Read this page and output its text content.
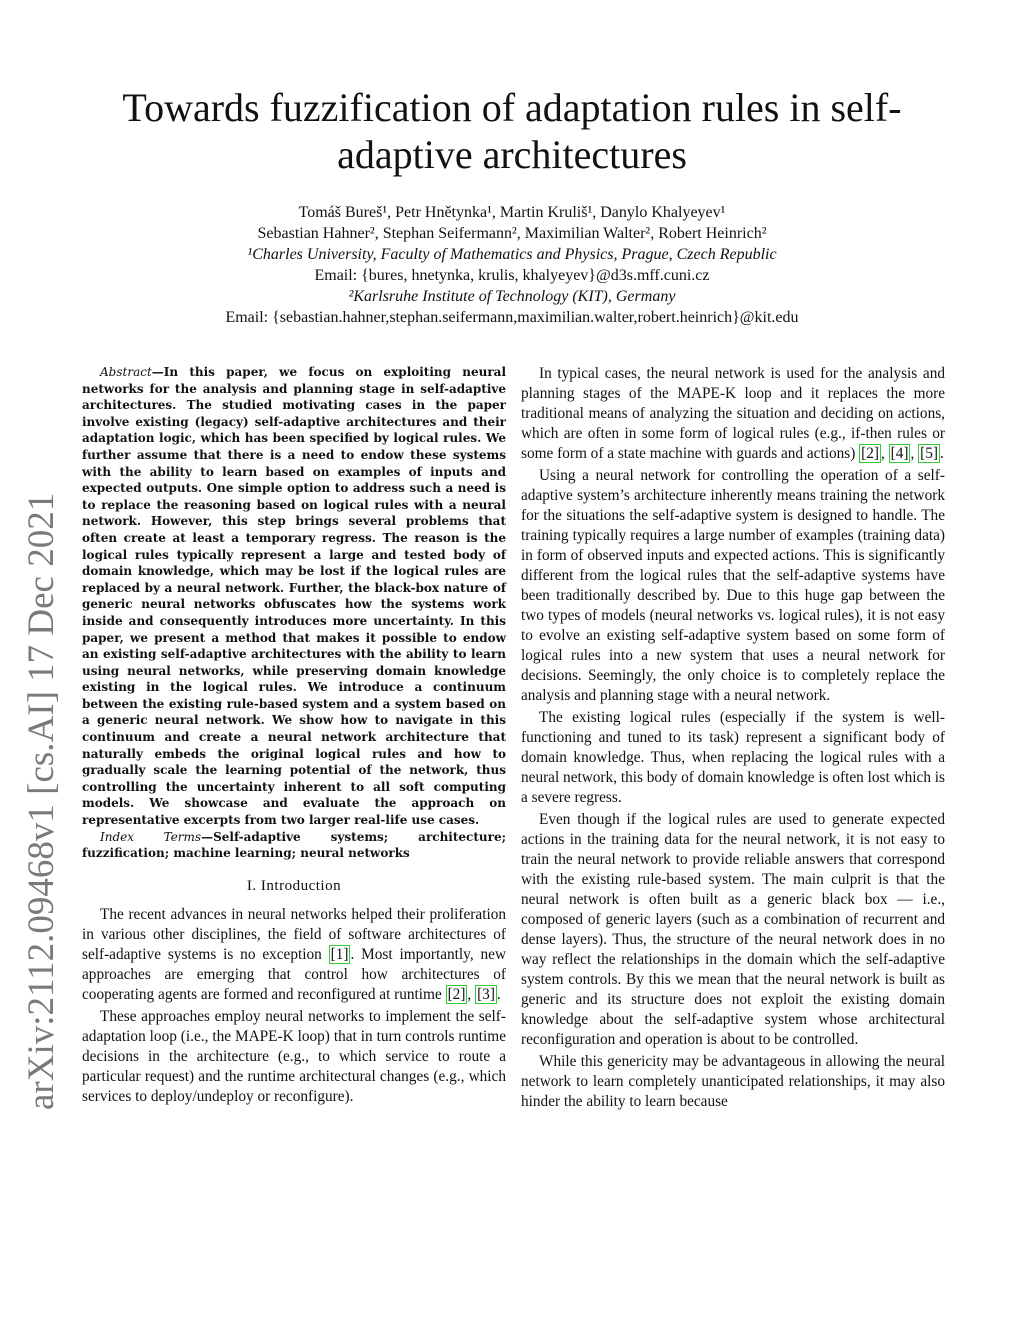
arXiv:2112.09468v1 [cs.AI] 17 Dec 2021
Towards fuzzification of adaptation rules in self-adaptive architectures
Tomáš Bureš¹, Petr Hnětynka¹, Martin Kruliš¹, Danylo Khalyeyev¹
Sebastian Hahner², Stephan Seifermann², Maximilian Walter², Robert Heinrich²
¹Charles University, Faculty of Mathematics and Physics, Prague, Czech Republic
Email: {bures, hnetynka, krulis, khalyeyev}@d3s.mff.cuni.cz
²Karlsruhe Institute of Technology (KIT), Germany
Email: {sebastian.hahner,stephan.seifermann,maximilian.walter,robert.heinrich}@kit.edu

Abstract—In this paper, we focus on exploiting neural networks for the analysis and planning stage in self-adaptive architectures. The studied motivating cases in the paper involve existing (legacy) self-adaptive architectures and their adaptation logic, which has been specified by logical rules. We further assume that there is a need to endow these systems with the ability to learn based on examples of inputs and expected outputs. One simple option to address such a need is to replace the reasoning based on logical rules with a neural network. However, this step brings several problems that often create at least a temporary regress. The reason is the logical rules typically represent a large and tested body of domain knowledge, which may be lost if the logical rules are replaced by a neural network. Further, the black-box nature of generic neural networks obfuscates how the systems work inside and consequently introduces more uncertainty. In this paper, we present a method that makes it possible to endow an existing self-adaptive architectures with the ability to learn using neural networks, while preserving domain knowledge existing in the logical rules. We introduce a continuum between the existing rule-based system and a system based on a generic neural network. We show how to navigate in this continuum and create a neural network architecture that naturally embeds the original logical rules and how to gradually scale the learning potential of the network, thus controlling the uncertainty inherent to all soft computing models. We showcase and evaluate the approach on representative excerpts from two larger real-life use cases.

Index Terms—Self-adaptive systems; architecture; fuzzification; machine learning; neural networks

I. Introduction

The recent advances in neural networks helped their proliferation in various other disciplines, the field of software architectures of self-adaptive systems is no exception [1] . Most importantly, new approaches are emerging that control how architectures of cooperating agents are formed and reconfigured at runtime [2] , [3] .

These approaches employ neural networks to implement the self-adaptation loop (i.e., the MAPE-K loop) that in turn controls runtime decisions in the architecture (e.g., to which service to route a particular request) and the runtime architectural changes (e.g., which services to deploy/undeploy or reconfigure).

In typical cases, the neural network is used for the analysis and planning stages of the MAPE-K loop and it replaces the more traditional means of analyzing the situation and deciding on actions, which are often in some form of logical rules (e.g., if-then rules or some form of a state machine with guards and actions) [2] , [4] , [5] .

Using a neural network for controlling the operation of a self-adaptive system’s architecture inherently means training the network for the situations the self-adaptive system is designed to handle. The training typically requires a large number of examples (training data) in form of observed inputs and expected actions. This is significantly different from the logical rules that the self-adaptive systems have been traditionally described by. Due to this huge gap between the two types of models (neural networks vs. logical rules), it is not easy to evolve an existing self-adaptive system based on some form of logical rules into a new system that uses a neural network for decisions. Seemingly, the only choice is to completely replace the analysis and planning stage with a neural network.

The existing logical rules (especially if the system is well-functioning and tuned to its task) represent a significant body of domain knowledge. Thus, when replacing the logical rules with a neural network, this body of domain knowledge is often lost which is a severe regress.

Even though if the logical rules are used to generate expected actions in the training data for the neural network, it is not easy to train the neural network to provide reliable answers that correspond with the existing rule-based system. The main culprit is that the neural network is often built as a generic black box — i.e., composed of generic layers (such as a combination of recurrent and dense layers). Thus, the structure of the neural network does in no way reflect the relationships in the domain which the self-adaptive system controls. By this we mean that the neural network is built as generic and its structure does not exploit the existing domain knowledge about the self-adaptive system whose architectural reconfiguration and operation is about to be controlled.

While this genericity may be advantageous in allowing the neural network to learn completely unanticipated relationships, it may also hinder the ability to learn because
